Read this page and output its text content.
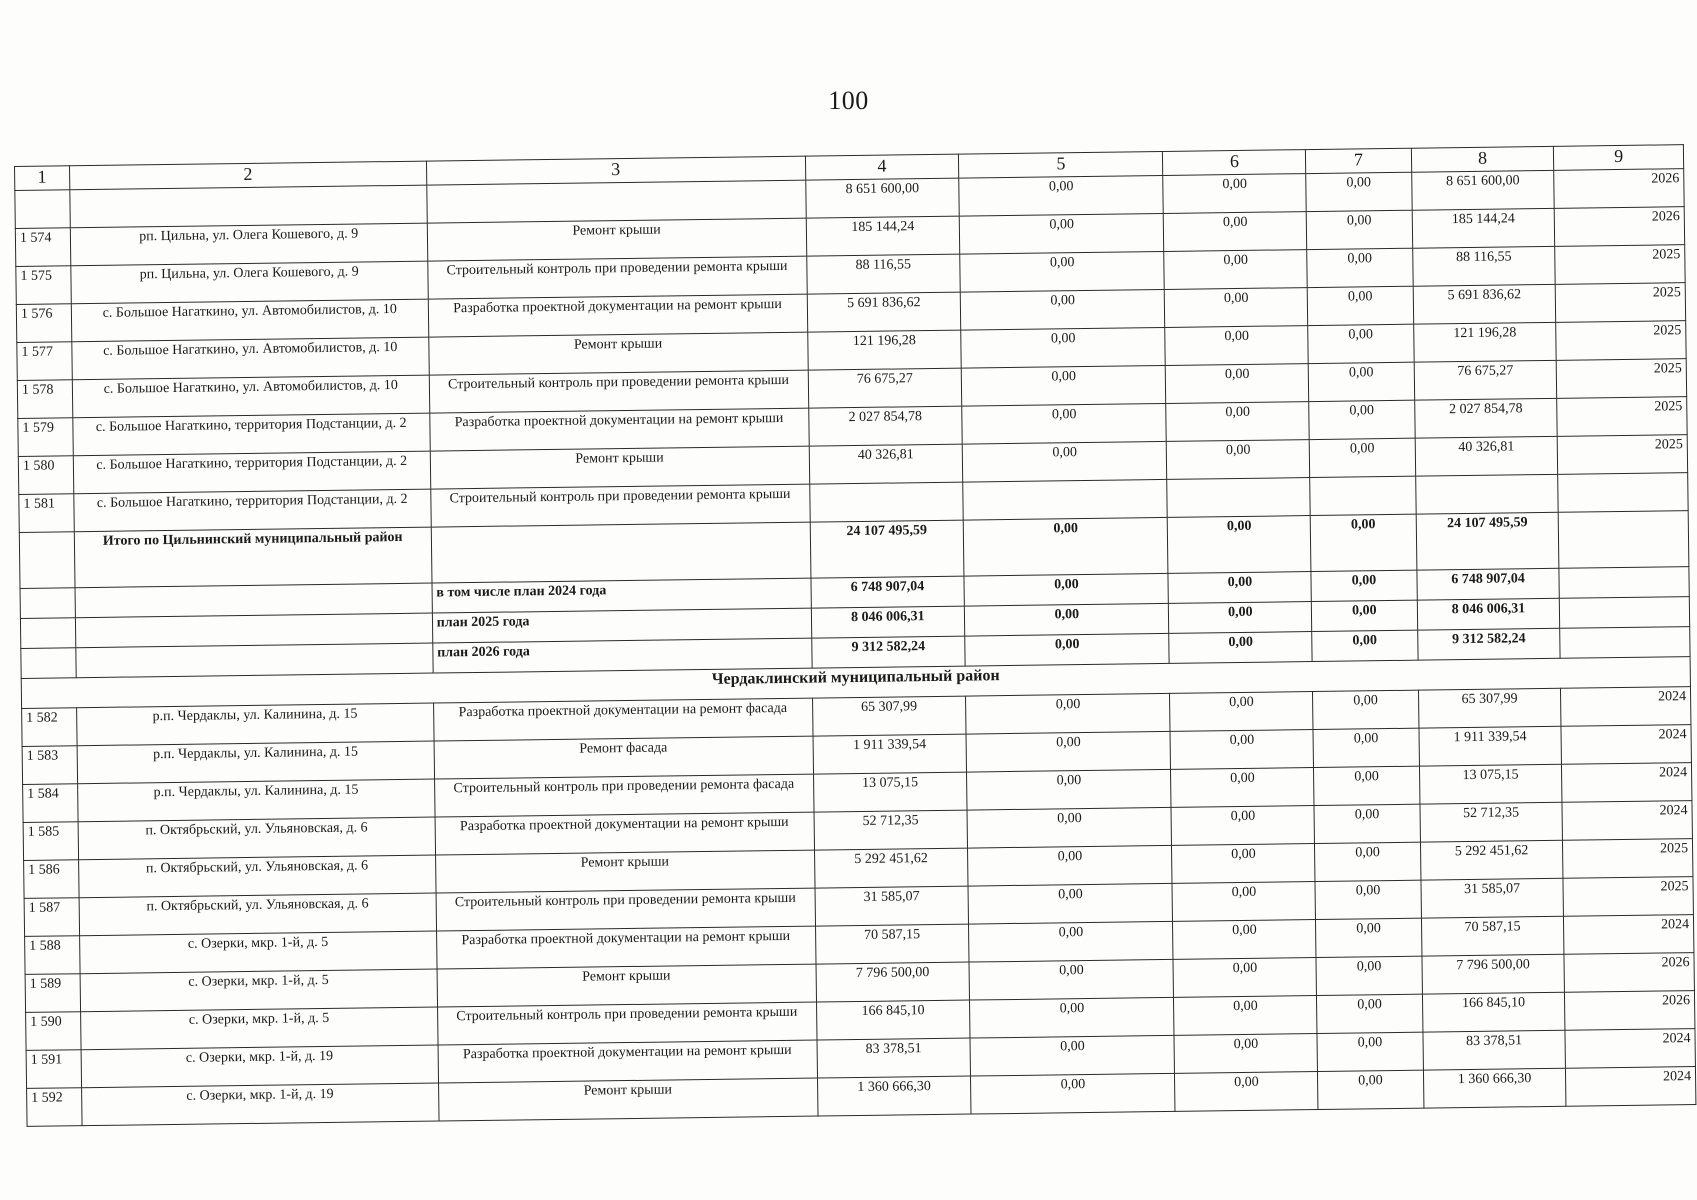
100
1	2	3	4	5	6	7	8	9
			8 651 600,00	0,00	0,00	0,00	8 651 600,00	2026
1 574	рп. Цильна, ул. Олега Кошевого, д. 9	Ремонт крыши	185 144,24	0,00	0,00	0,00	185 144,24	2026
1 575	рп. Цильна, ул. Олега Кошевого, д. 9	Строительный контроль при проведении ремонта крыши	88 116,55	0,00	0,00	0,00	88 116,55	2025
1 576	с. Большое Нагаткино, ул. Автомобилистов, д. 10	Разработка проектной документации на ремонт крыши	5 691 836,62	0,00	0,00	0,00	5 691 836,62	2025
1 577	с. Большое Нагаткино, ул. Автомобилистов, д. 10	Ремонт крыши	121 196,28	0,00	0,00	0,00	121 196,28	2025
1 578	с. Большое Нагаткино, ул. Автомобилистов, д. 10	Строительный контроль при проведении ремонта крыши	76 675,27	0,00	0,00	0,00	76 675,27	2025
1 579	с. Большое Нагаткино, территория Подстанции, д. 2	Разработка проектной документации на ремонт крыши	2 027 854,78	0,00	0,00	0,00	2 027 854,78	2025
1 580	с. Большое Нагаткино, территория Подстанции, д. 2	Ремонт крыши	40 326,81	0,00	0,00	0,00	40 326,81	2025
1 581	с. Большое Нагаткино, территория Подстанции, д. 2	Строительный контроль при проведении ремонта крыши						
	Итого по Цильнинский муниципальный район		24 107 495,59	0,00	0,00	0,00	24 107 495,59	
		в том числе план 2024 года	6 748 907,04	0,00	0,00	0,00	6 748 907,04	
		план 2025 года	8 046 006,31	0,00	0,00	0,00	8 046 006,31	
		план 2026 года	9 312 582,24	0,00	0,00	0,00	9 312 582,24	
Чердаклинский муниципальный район								
1 582	р.п. Чердаклы, ул. Калинина, д. 15	Разработка проектной документации на ремонт фасада	65 307,99	0,00	0,00	0,00	65 307,99	2024
1 583	р.п. Чердаклы, ул. Калинина, д. 15	Ремонт фасада	1 911 339,54	0,00	0,00	0,00	1 911 339,54	2024
1 584	р.п. Чердаклы, ул. Калинина, д. 15	Строительный контроль при проведении ремонта фасада	13 075,15	0,00	0,00	0,00	13 075,15	2024
1 585	п. Октябрьский, ул. Ульяновская, д. 6	Разработка проектной документации на ремонт крыши	52 712,35	0,00	0,00	0,00	52 712,35	2024
1 586	п. Октябрьский, ул. Ульяновская, д. 6	Ремонт крыши	5 292 451,62	0,00	0,00	0,00	5 292 451,62	2025
1 587	п. Октябрьский, ул. Ульяновская, д. 6	Строительный контроль при проведении ремонта крыши	31 585,07	0,00	0,00	0,00	31 585,07	2025
1 588	с. Озерки, мкр. 1-й, д. 5	Разработка проектной документации на ремонт крыши	70 587,15	0,00	0,00	0,00	70 587,15	2024
1 589	с. Озерки, мкр. 1-й, д. 5	Ремонт крыши	7 796 500,00	0,00	0,00	0,00	7 796 500,00	2026
1 590	с. Озерки, мкр. 1-й, д. 5	Строительный контроль при проведении ремонта крыши	166 845,10	0,00	0,00	0,00	166 845,10	2026
1 591	с. Озерки, мкр. 1-й, д. 19	Разработка проектной документации на ремонт крыши	83 378,51	0,00	0,00	0,00	83 378,51	2024
1 592	с. Озерки, мкр. 1-й, д. 19	Ремонт крыши	1 360 666,30	0,00	0,00	0,00	1 360 666,30	2024
